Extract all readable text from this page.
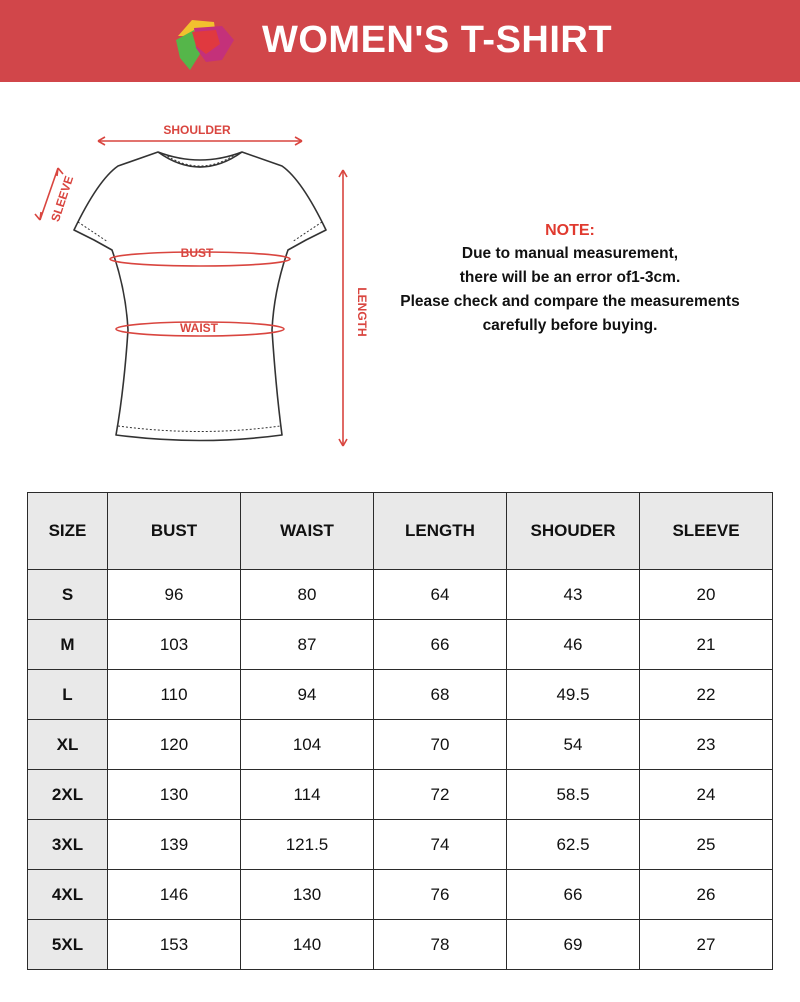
WOMEN'S T-SHIRT
SHOULDER
SLEEVE
BUST
WAIST	LENGTH
NOTE:
Due to manual measurement,
there will be an error of1-3cm.
Please check and compare the measurements
carefully before buying.
SIZE	BUST	WAIST	LENGTH	SHOUDER	SLEEVE
S	96	80	64	43	20
M	103	87	66	46	21
L	110	94	68	49.5	22
XL	120	104	70	54	23
2XL	130	114	72	58.5	24
3XL	139	121.5	74	62.5	25
4XL	146	130	76	66	26
5XL	153	140	78	69	27
